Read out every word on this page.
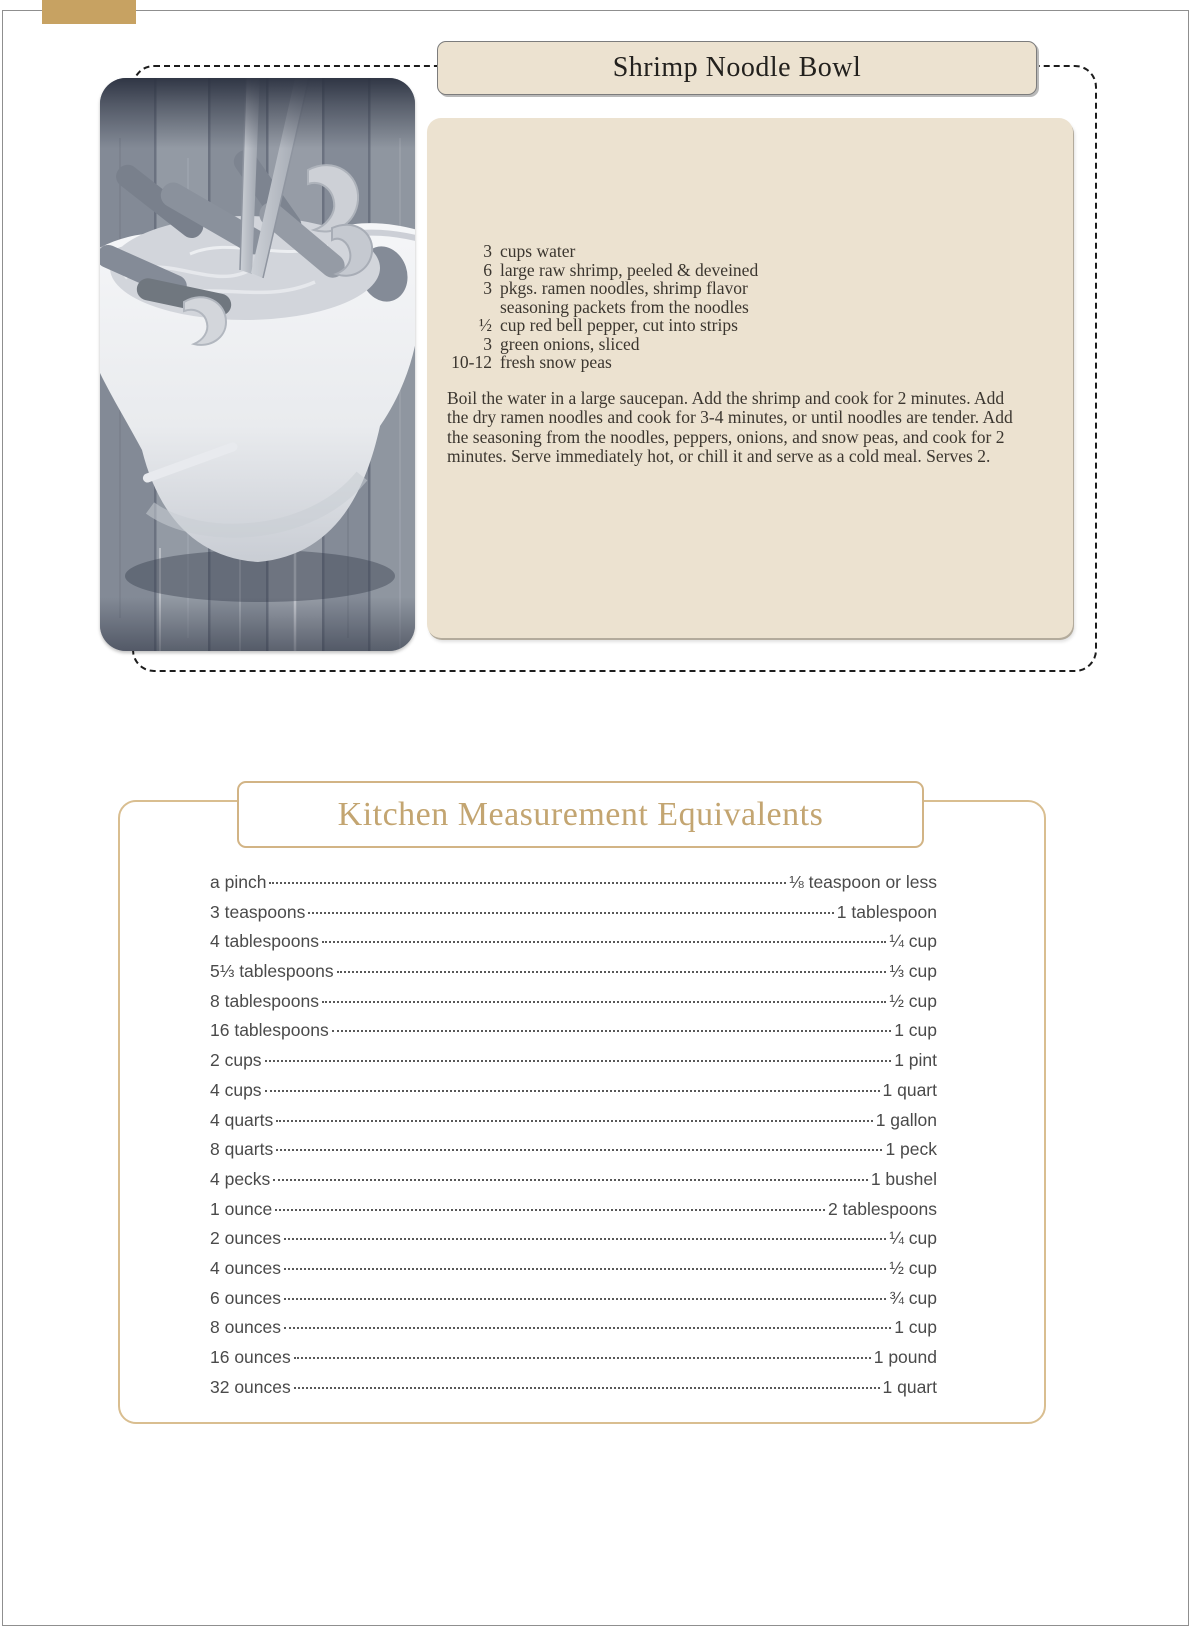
Shrimp Noodle Bowl
3 cups water
6 large raw shrimp, peeled & deveined
3 pkgs. ramen noodles, shrimp flavor
seasoning packets from the noodles
½ cup red bell pepper, cut into strips
3 green onions, sliced
10-12 fresh snow peas
Boil the water in a large saucepan. Add the shrimp and cook for 2 minutes. Add the dry ramen noodles and cook for 3-4 minutes, or until noodles are tender. Add the seasoning from the noodles, peppers, onions, and snow peas, and cook for 2 minutes. Serve immediately hot, or chill it and serve as a cold meal. Serves 2.
Kitchen Measurement Equivalents
a pinch	⅛ teaspoon or less
3 teaspoons	1 tablespoon
4 tablespoons	¼ cup
5⅓ tablespoons	⅓ cup
8 tablespoons	½ cup
16 tablespoons	1 cup
2 cups	1 pint
4 cups	1 quart
4 quarts	1 gallon
8 quarts	1 peck
4 pecks	1 bushel
1 ounce	2 tablespoons
2 ounces	¼ cup
4 ounces	½ cup
6 ounces	¾ cup
8 ounces	1 cup
16 ounces	1 pound
32 ounces	1 quart
